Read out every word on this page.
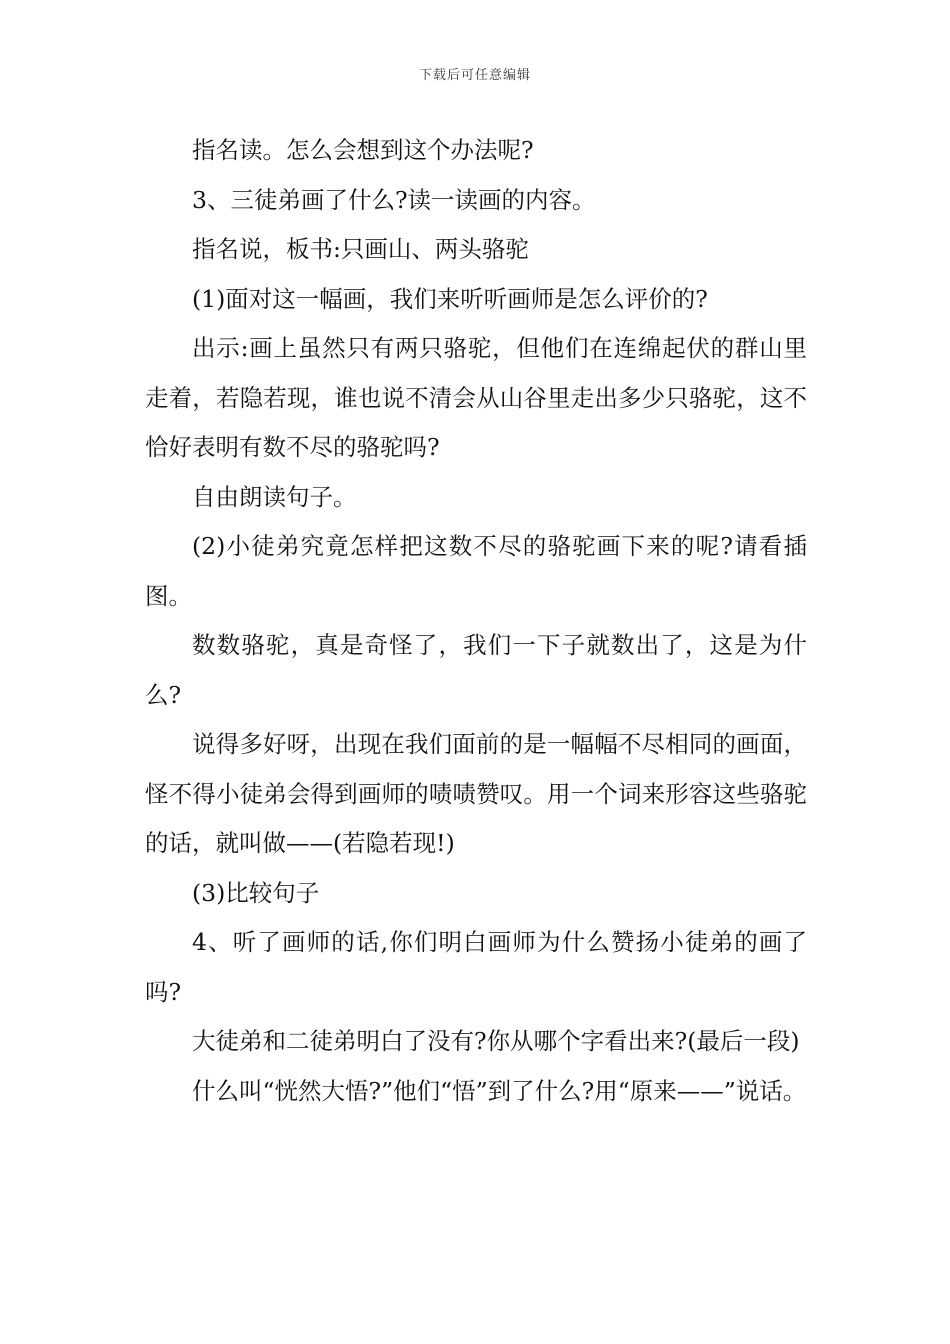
下载后可任意编辑

指名读。怎么会想到这个办法呢?

3、三徒弟画了什么?读一读画的内容。

指名说，板书:只画山、两头骆驼

(1)面对这一幅画，我们来听听画师是怎么评价的?

出示:画上虽然只有两只骆驼，但他们在连绵起伏的群山里走着，若隐若现，谁也说不清会从山谷里走出多少只骆驼，这不恰好表明有数不尽的骆驼吗?

自由朗读句子。

(2)小徒弟究竟怎样把这数不尽的骆驼画下来的呢?请看插图。

数数骆驼，真是奇怪了，我们一下子就数出了，这是为什么?

说得多好呀，出现在我们面前的是一幅幅不尽相同的画面，怪不得小徒弟会得到画师的啧啧赞叹。用一个词来形容这些骆驼的话，就叫做——(若隐若现!)

(3)比较句子

4、听了画师的话,你们明白画师为什么赞扬小徒弟的画了吗?

大徒弟和二徒弟明白了没有?你从哪个字看出来?(最后一段)

什么叫“恍然大悟?”他们“悟”到了什么?用“原来——”说话。
